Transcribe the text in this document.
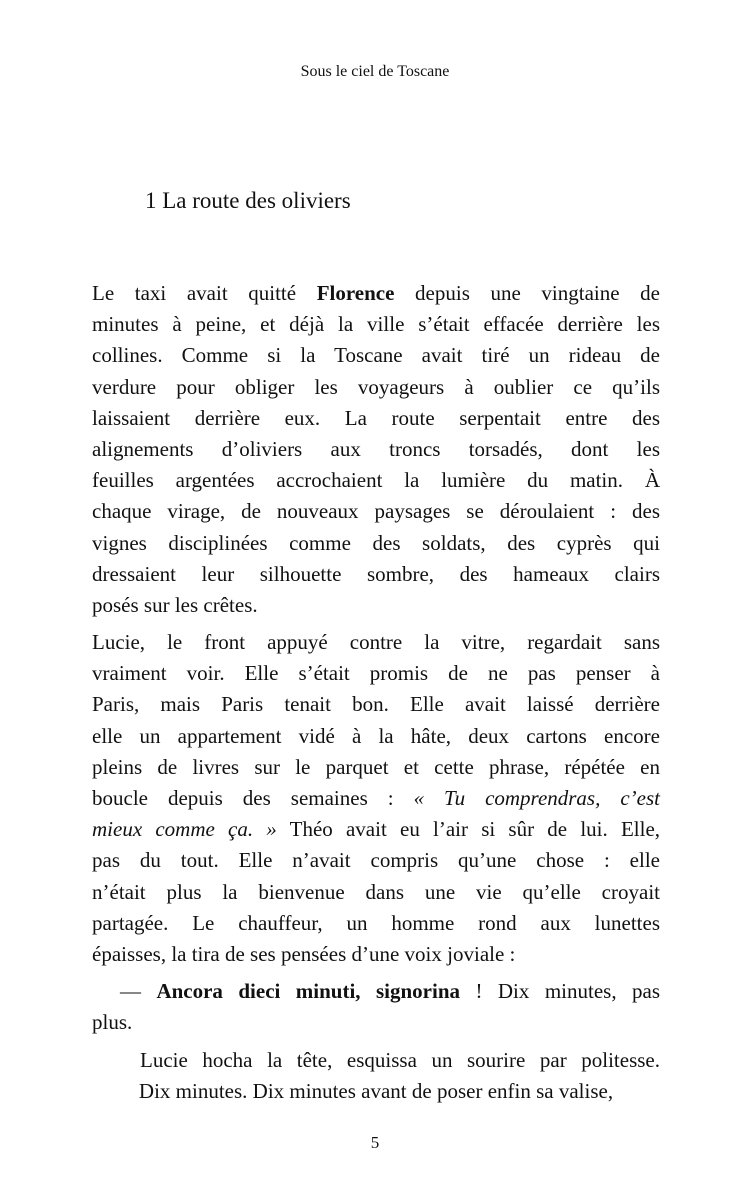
Sous le ciel de Toscane
1 La route des oliviers
Le taxi avait quitté Florence depuis une vingtaine de
minutes à peine, et déjà la ville s’était effacée derrière les
collines. Comme si la Toscane avait tiré un rideau de
verdure pour obliger les voyageurs à oublier ce qu’ils
laissaient derrière eux. La route serpentait entre des
alignements d’oliviers aux troncs torsadés, dont les
feuilles argentées accrochaient la lumière du matin. À
chaque virage, de nouveaux paysages se déroulaient : des
vignes disciplinées comme des soldats, des cyprès qui
dressaient leur silhouette sombre, des hameaux clairs
posés sur les crêtes.
Lucie, le front appuyé contre la vitre, regardait sans
vraiment voir. Elle s’était promis de ne pas penser à
Paris, mais Paris tenait bon. Elle avait laissé derrière
elle un appartement vidé à la hâte, deux cartons encore
pleins de livres sur le parquet et cette phrase, répétée en
boucle depuis des semaines : « Tu comprendras, c’est
mieux comme ça. » Théo avait eu l’air si sûr de lui. Elle,
pas du tout. Elle n’avait compris qu’une chose : elle
n’était plus la bienvenue dans une vie qu’elle croyait
partagée. Le chauffeur, un homme rond aux lunettes
épaisses, la tira de ses pensées d’une voix joviale :
— Ancora dieci minuti, signorina ! Dix minutes, pas
plus.
Lucie hocha la tête, esquissa un sourire par politesse.
Dix minutes. Dix minutes avant de poser enfin sa valise,
5
